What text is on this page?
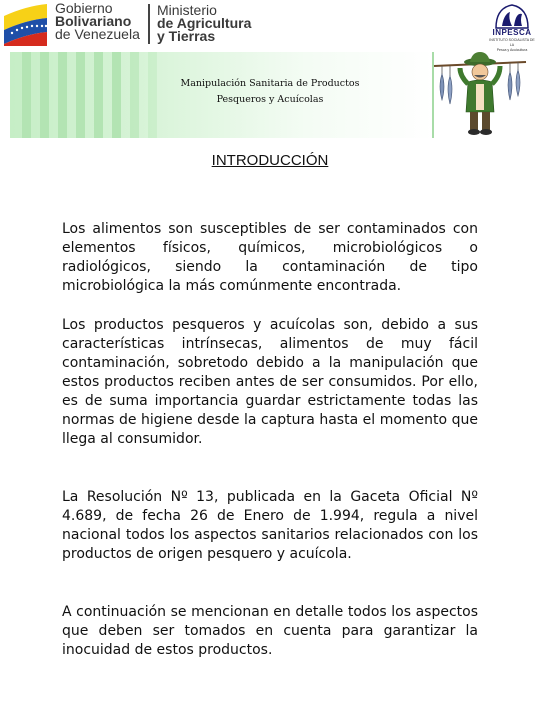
Gobierno
Bolivariano
de Venezuela
Ministerio
de Agricultura
y Tierras	INPESCA
INSTITUTO SOCIALISTA DE LA
Pesca y Acuicultura
Manipulación Sanitaria de Productos
Pesqueros y Acuícolas
INTRODUCCIÓN

Los alimentos son susceptibles de ser contaminados con elementos físicos, químicos, microbiológicos o radiológicos, siendo la contaminación de tipo microbiológica la más comúnmente encontrada.

Los productos pesqueros y acuícolas son, debido a sus características intrínsecas, alimentos de muy fácil contaminación, sobretodo debido a la manipulación que estos productos reciben antes de ser consumidos. Por ello, es de suma importancia guardar estrictamente todas las normas de higiene desde la captura hasta el momento que llega al consumidor.

La Resolución Nº 13, publicada en la Gaceta Oficial Nº 4.689, de fecha 26 de Enero de 1.994, regula a nivel nacional todos los aspectos sanitarios relacionados con los productos de origen pesquero y acuícola.

A continuación se mencionan en detalle todos los aspectos que deben ser tomados en cuenta para garantizar la inocuidad de estos productos.
